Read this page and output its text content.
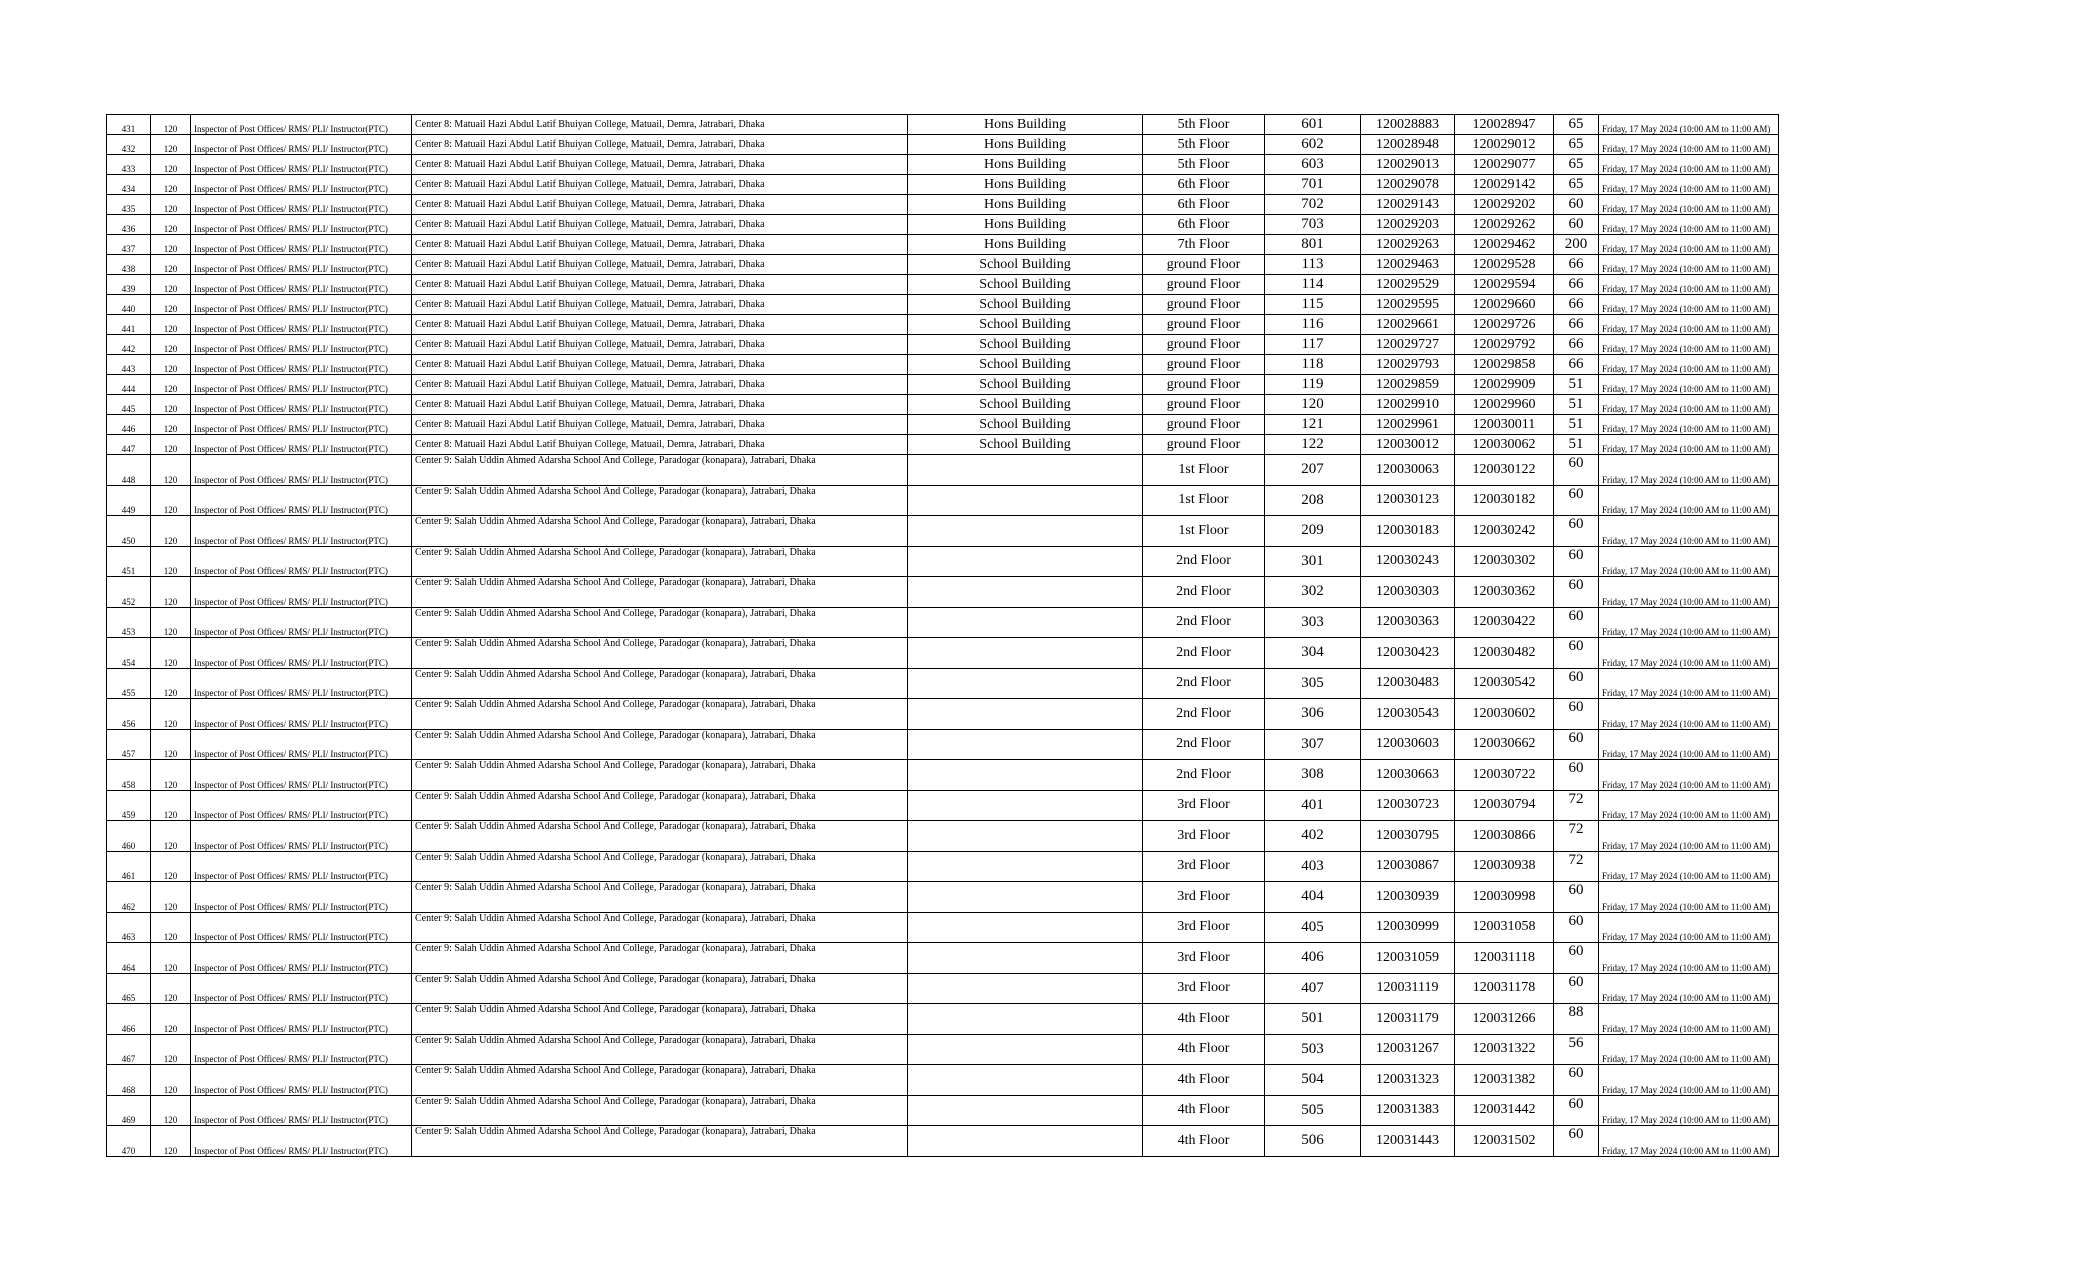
431	120	Inspector of Post Offices/ RMS/ PLI/ Instructor(PTC)	Center 8: Matuail Hazi Abdul Latif Bhuiyan College, Matuail, Demra, Jatrabari, Dhaka	Hons Building	5th Floor	601	120028883	120028947	65	Friday, 17 May 2024 (10:00 AM to 11:00 AM)
432	120	Inspector of Post Offices/ RMS/ PLI/ Instructor(PTC)	Center 8: Matuail Hazi Abdul Latif Bhuiyan College, Matuail, Demra, Jatrabari, Dhaka	Hons Building	5th Floor	602	120028948	120029012	65	Friday, 17 May 2024 (10:00 AM to 11:00 AM)
433	120	Inspector of Post Offices/ RMS/ PLI/ Instructor(PTC)	Center 8: Matuail Hazi Abdul Latif Bhuiyan College, Matuail, Demra, Jatrabari, Dhaka	Hons Building	5th Floor	603	120029013	120029077	65	Friday, 17 May 2024 (10:00 AM to 11:00 AM)
434	120	Inspector of Post Offices/ RMS/ PLI/ Instructor(PTC)	Center 8: Matuail Hazi Abdul Latif Bhuiyan College, Matuail, Demra, Jatrabari, Dhaka	Hons Building	6th Floor	701	120029078	120029142	65	Friday, 17 May 2024 (10:00 AM to 11:00 AM)
435	120	Inspector of Post Offices/ RMS/ PLI/ Instructor(PTC)	Center 8: Matuail Hazi Abdul Latif Bhuiyan College, Matuail, Demra, Jatrabari, Dhaka	Hons Building	6th Floor	702	120029143	120029202	60	Friday, 17 May 2024 (10:00 AM to 11:00 AM)
436	120	Inspector of Post Offices/ RMS/ PLI/ Instructor(PTC)	Center 8: Matuail Hazi Abdul Latif Bhuiyan College, Matuail, Demra, Jatrabari, Dhaka	Hons Building	6th Floor	703	120029203	120029262	60	Friday, 17 May 2024 (10:00 AM to 11:00 AM)
437	120	Inspector of Post Offices/ RMS/ PLI/ Instructor(PTC)	Center 8: Matuail Hazi Abdul Latif Bhuiyan College, Matuail, Demra, Jatrabari, Dhaka	Hons Building	7th Floor	801	120029263	120029462	200	Friday, 17 May 2024 (10:00 AM to 11:00 AM)
438	120	Inspector of Post Offices/ RMS/ PLI/ Instructor(PTC)	Center 8: Matuail Hazi Abdul Latif Bhuiyan College, Matuail, Demra, Jatrabari, Dhaka	School Building	ground Floor	113	120029463	120029528	66	Friday, 17 May 2024 (10:00 AM to 11:00 AM)
439	120	Inspector of Post Offices/ RMS/ PLI/ Instructor(PTC)	Center 8: Matuail Hazi Abdul Latif Bhuiyan College, Matuail, Demra, Jatrabari, Dhaka	School Building	ground Floor	114	120029529	120029594	66	Friday, 17 May 2024 (10:00 AM to 11:00 AM)
440	120	Inspector of Post Offices/ RMS/ PLI/ Instructor(PTC)	Center 8: Matuail Hazi Abdul Latif Bhuiyan College, Matuail, Demra, Jatrabari, Dhaka	School Building	ground Floor	115	120029595	120029660	66	Friday, 17 May 2024 (10:00 AM to 11:00 AM)
441	120	Inspector of Post Offices/ RMS/ PLI/ Instructor(PTC)	Center 8: Matuail Hazi Abdul Latif Bhuiyan College, Matuail, Demra, Jatrabari, Dhaka	School Building	ground Floor	116	120029661	120029726	66	Friday, 17 May 2024 (10:00 AM to 11:00 AM)
442	120	Inspector of Post Offices/ RMS/ PLI/ Instructor(PTC)	Center 8: Matuail Hazi Abdul Latif Bhuiyan College, Matuail, Demra, Jatrabari, Dhaka	School Building	ground Floor	117	120029727	120029792	66	Friday, 17 May 2024 (10:00 AM to 11:00 AM)
443	120	Inspector of Post Offices/ RMS/ PLI/ Instructor(PTC)	Center 8: Matuail Hazi Abdul Latif Bhuiyan College, Matuail, Demra, Jatrabari, Dhaka	School Building	ground Floor	118	120029793	120029858	66	Friday, 17 May 2024 (10:00 AM to 11:00 AM)
444	120	Inspector of Post Offices/ RMS/ PLI/ Instructor(PTC)	Center 8: Matuail Hazi Abdul Latif Bhuiyan College, Matuail, Demra, Jatrabari, Dhaka	School Building	ground Floor	119	120029859	120029909	51	Friday, 17 May 2024 (10:00 AM to 11:00 AM)
445	120	Inspector of Post Offices/ RMS/ PLI/ Instructor(PTC)	Center 8: Matuail Hazi Abdul Latif Bhuiyan College, Matuail, Demra, Jatrabari, Dhaka	School Building	ground Floor	120	120029910	120029960	51	Friday, 17 May 2024 (10:00 AM to 11:00 AM)
446	120	Inspector of Post Offices/ RMS/ PLI/ Instructor(PTC)	Center 8: Matuail Hazi Abdul Latif Bhuiyan College, Matuail, Demra, Jatrabari, Dhaka	School Building	ground Floor	121	120029961	120030011	51	Friday, 17 May 2024 (10:00 AM to 11:00 AM)
447	120	Inspector of Post Offices/ RMS/ PLI/ Instructor(PTC)	Center 8: Matuail Hazi Abdul Latif Bhuiyan College, Matuail, Demra, Jatrabari, Dhaka	School Building	ground Floor	122	120030012	120030062	51	Friday, 17 May 2024 (10:00 AM to 11:00 AM)
448	120	Inspector of Post Offices/ RMS/ PLI/ Instructor(PTC)	Center 9: Salah Uddin Ahmed Adarsha School And College, Paradogar (konapara), Jatrabari, Dhaka		1st Floor	207	120030063	120030122	60	Friday, 17 May 2024 (10:00 AM to 11:00 AM)
449	120	Inspector of Post Offices/ RMS/ PLI/ Instructor(PTC)	Center 9: Salah Uddin Ahmed Adarsha School And College, Paradogar (konapara), Jatrabari, Dhaka		1st Floor	208	120030123	120030182	60	Friday, 17 May 2024 (10:00 AM to 11:00 AM)
450	120	Inspector of Post Offices/ RMS/ PLI/ Instructor(PTC)	Center 9: Salah Uddin Ahmed Adarsha School And College, Paradogar (konapara), Jatrabari, Dhaka		1st Floor	209	120030183	120030242	60	Friday, 17 May 2024 (10:00 AM to 11:00 AM)
451	120	Inspector of Post Offices/ RMS/ PLI/ Instructor(PTC)	Center 9: Salah Uddin Ahmed Adarsha School And College, Paradogar (konapara), Jatrabari, Dhaka		2nd Floor	301	120030243	120030302	60	Friday, 17 May 2024 (10:00 AM to 11:00 AM)
452	120	Inspector of Post Offices/ RMS/ PLI/ Instructor(PTC)	Center 9: Salah Uddin Ahmed Adarsha School And College, Paradogar (konapara), Jatrabari, Dhaka		2nd Floor	302	120030303	120030362	60	Friday, 17 May 2024 (10:00 AM to 11:00 AM)
453	120	Inspector of Post Offices/ RMS/ PLI/ Instructor(PTC)	Center 9: Salah Uddin Ahmed Adarsha School And College, Paradogar (konapara), Jatrabari, Dhaka		2nd Floor	303	120030363	120030422	60	Friday, 17 May 2024 (10:00 AM to 11:00 AM)
454	120	Inspector of Post Offices/ RMS/ PLI/ Instructor(PTC)	Center 9: Salah Uddin Ahmed Adarsha School And College, Paradogar (konapara), Jatrabari, Dhaka		2nd Floor	304	120030423	120030482	60	Friday, 17 May 2024 (10:00 AM to 11:00 AM)
455	120	Inspector of Post Offices/ RMS/ PLI/ Instructor(PTC)	Center 9: Salah Uddin Ahmed Adarsha School And College, Paradogar (konapara), Jatrabari, Dhaka		2nd Floor	305	120030483	120030542	60	Friday, 17 May 2024 (10:00 AM to 11:00 AM)
456	120	Inspector of Post Offices/ RMS/ PLI/ Instructor(PTC)	Center 9: Salah Uddin Ahmed Adarsha School And College, Paradogar (konapara), Jatrabari, Dhaka		2nd Floor	306	120030543	120030602	60	Friday, 17 May 2024 (10:00 AM to 11:00 AM)
457	120	Inspector of Post Offices/ RMS/ PLI/ Instructor(PTC)	Center 9: Salah Uddin Ahmed Adarsha School And College, Paradogar (konapara), Jatrabari, Dhaka		2nd Floor	307	120030603	120030662	60	Friday, 17 May 2024 (10:00 AM to 11:00 AM)
458	120	Inspector of Post Offices/ RMS/ PLI/ Instructor(PTC)	Center 9: Salah Uddin Ahmed Adarsha School And College, Paradogar (konapara), Jatrabari, Dhaka		2nd Floor	308	120030663	120030722	60	Friday, 17 May 2024 (10:00 AM to 11:00 AM)
459	120	Inspector of Post Offices/ RMS/ PLI/ Instructor(PTC)	Center 9: Salah Uddin Ahmed Adarsha School And College, Paradogar (konapara), Jatrabari, Dhaka		3rd Floor	401	120030723	120030794	72	Friday, 17 May 2024 (10:00 AM to 11:00 AM)
460	120	Inspector of Post Offices/ RMS/ PLI/ Instructor(PTC)	Center 9: Salah Uddin Ahmed Adarsha School And College, Paradogar (konapara), Jatrabari, Dhaka		3rd Floor	402	120030795	120030866	72	Friday, 17 May 2024 (10:00 AM to 11:00 AM)
461	120	Inspector of Post Offices/ RMS/ PLI/ Instructor(PTC)	Center 9: Salah Uddin Ahmed Adarsha School And College, Paradogar (konapara), Jatrabari, Dhaka		3rd Floor	403	120030867	120030938	72	Friday, 17 May 2024 (10:00 AM to 11:00 AM)
462	120	Inspector of Post Offices/ RMS/ PLI/ Instructor(PTC)	Center 9: Salah Uddin Ahmed Adarsha School And College, Paradogar (konapara), Jatrabari, Dhaka		3rd Floor	404	120030939	120030998	60	Friday, 17 May 2024 (10:00 AM to 11:00 AM)
463	120	Inspector of Post Offices/ RMS/ PLI/ Instructor(PTC)	Center 9: Salah Uddin Ahmed Adarsha School And College, Paradogar (konapara), Jatrabari, Dhaka		3rd Floor	405	120030999	120031058	60	Friday, 17 May 2024 (10:00 AM to 11:00 AM)
464	120	Inspector of Post Offices/ RMS/ PLI/ Instructor(PTC)	Center 9: Salah Uddin Ahmed Adarsha School And College, Paradogar (konapara), Jatrabari, Dhaka		3rd Floor	406	120031059	120031118	60	Friday, 17 May 2024 (10:00 AM to 11:00 AM)
465	120	Inspector of Post Offices/ RMS/ PLI/ Instructor(PTC)	Center 9: Salah Uddin Ahmed Adarsha School And College, Paradogar (konapara), Jatrabari, Dhaka		3rd Floor	407	120031119	120031178	60	Friday, 17 May 2024 (10:00 AM to 11:00 AM)
466	120	Inspector of Post Offices/ RMS/ PLI/ Instructor(PTC)	Center 9: Salah Uddin Ahmed Adarsha School And College, Paradogar (konapara), Jatrabari, Dhaka		4th Floor	501	120031179	120031266	88	Friday, 17 May 2024 (10:00 AM to 11:00 AM)
467	120	Inspector of Post Offices/ RMS/ PLI/ Instructor(PTC)	Center 9: Salah Uddin Ahmed Adarsha School And College, Paradogar (konapara), Jatrabari, Dhaka		4th Floor	503	120031267	120031322	56	Friday, 17 May 2024 (10:00 AM to 11:00 AM)
468	120	Inspector of Post Offices/ RMS/ PLI/ Instructor(PTC)	Center 9: Salah Uddin Ahmed Adarsha School And College, Paradogar (konapara), Jatrabari, Dhaka		4th Floor	504	120031323	120031382	60	Friday, 17 May 2024 (10:00 AM to 11:00 AM)
469	120	Inspector of Post Offices/ RMS/ PLI/ Instructor(PTC)	Center 9: Salah Uddin Ahmed Adarsha School And College, Paradogar (konapara), Jatrabari, Dhaka		4th Floor	505	120031383	120031442	60	Friday, 17 May 2024 (10:00 AM to 11:00 AM)
470	120	Inspector of Post Offices/ RMS/ PLI/ Instructor(PTC)	Center 9: Salah Uddin Ahmed Adarsha School And College, Paradogar (konapara), Jatrabari, Dhaka		4th Floor	506	120031443	120031502	60	Friday, 17 May 2024 (10:00 AM to 11:00 AM)
